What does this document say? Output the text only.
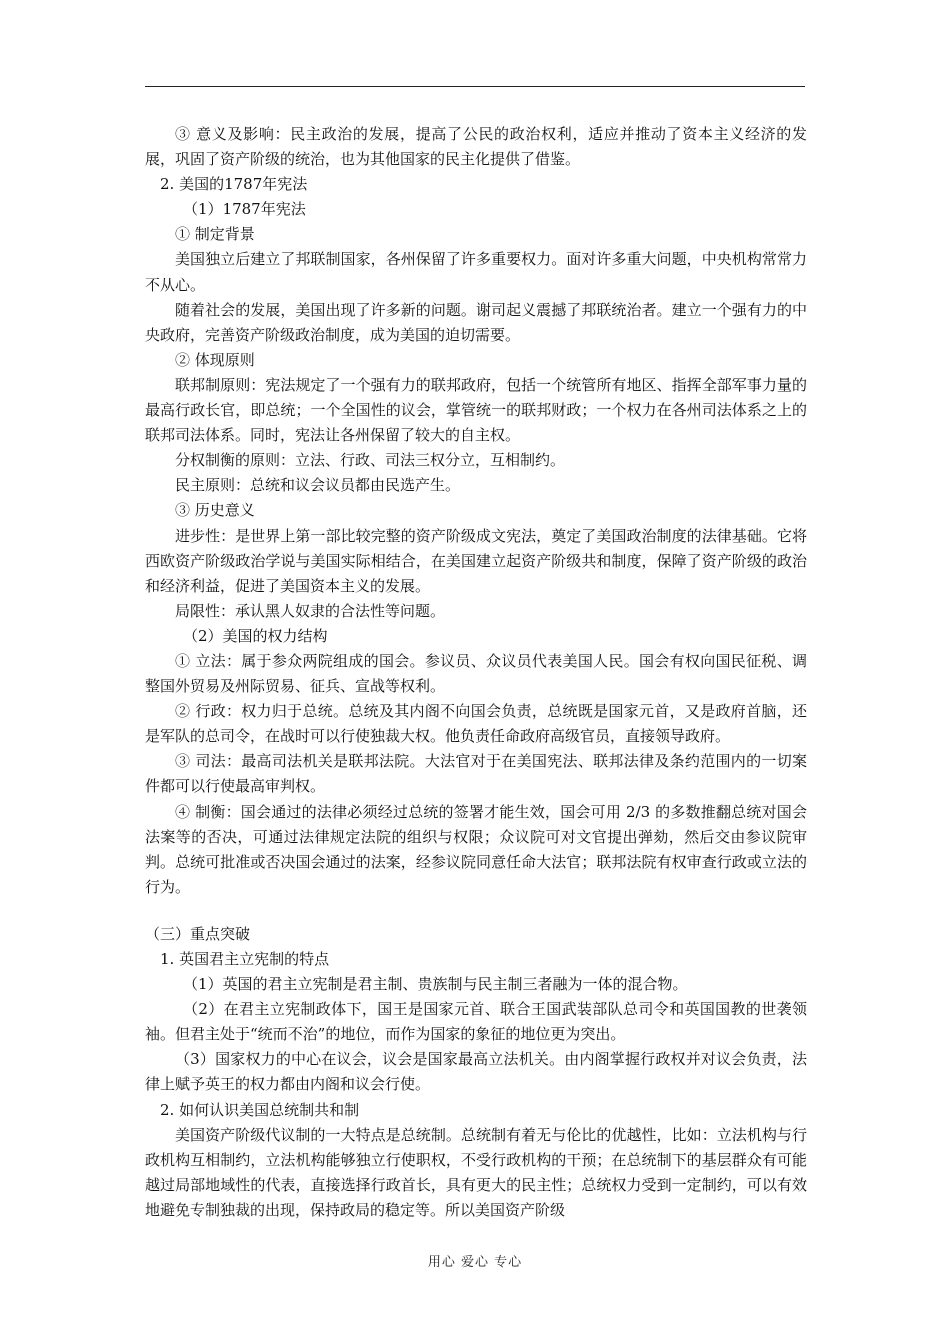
③ 意义及影响：民主政治的发展，提高了公民的政治权利，适应并推动了资本主义经济的发展，巩固了资产阶级的统治，也为其他国家的民主化提供了借鉴。

2. 美国的1787年宪法

（1）1787年宪法

① 制定背景

美国独立后建立了邦联制国家，各州保留了许多重要权力。面对许多重大问题，中央机构常常力不从心。

随着社会的发展，美国出现了许多新的问题。谢司起义震撼了邦联统治者。建立一个强有力的中央政府，完善资产阶级政治制度，成为美国的迫切需要。

② 体现原则

联邦制原则：宪法规定了一个强有力的联邦政府，包括一个统管所有地区、指挥全部军事力量的最高行政长官，即总统；一个全国性的议会，掌管统一的联邦财政；一个权力在各州司法体系之上的联邦司法体系。同时，宪法让各州保留了较大的自主权。

分权制衡的原则：立法、行政、司法三权分立，互相制约。

民主原则：总统和议会议员都由民选产生。

③ 历史意义

进步性：是世界上第一部比较完整的资产阶级成文宪法，奠定了美国政治制度的法律基础。它将西欧资产阶级政治学说与美国实际相结合，在美国建立起资产阶级共和制度，保障了资产阶级的政治和经济利益，促进了美国资本主义的发展。

局限性：承认黑人奴隶的合法性等问题。

（2）美国的权力结构

① 立法：属于参众两院组成的国会。参议员、众议员代表美国人民。国会有权向国民征税、调整国外贸易及州际贸易、征兵、宣战等权利。

② 行政：权力归于总统。总统及其内阁不向国会负责，总统既是国家元首，又是政府首脑，还是军队的总司令，在战时可以行使独裁大权。他负责任命政府高级官员，直接领导政府。

③ 司法：最高司法机关是联邦法院。大法官对于在美国宪法、联邦法律及条约范围内的一切案件都可以行使最高审判权。

④ 制衡：国会通过的法律必须经过总统的签署才能生效，国会可用 2/3 的多数推翻总统对国会法案等的否决，可通过法律规定法院的组织与权限；众议院可对文官提出弹劾，然后交由参议院审判。总统可批准或否决国会通过的法案，经参议院同意任命大法官；联邦法院有权审查行政或立法的行为。

（三）重点突破

1. 英国君主立宪制的特点

（1）英国的君主立宪制是君主制、贵族制与民主制三者融为一体的混合物。

（2）在君主立宪制政体下，国王是国家元首、联合王国武装部队总司令和英国国教的世袭领袖。但君主处于“统而不治”的地位，而作为国家的象征的地位更为突出。

（3）国家权力的中心在议会，议会是国家最高立法机关。由内阁掌握行政权并对议会负责，法律上赋予英王的权力都由内阁和议会行使。

2. 如何认识美国总统制共和制

美国资产阶级代议制的一大特点是总统制。总统制有着无与伦比的优越性，比如：立法机构与行政机构互相制约，立法机构能够独立行使职权，不受行政机构的干预；在总统制下的基层群众有可能越过局部地域性的代表，直接选择行政首长，具有更大的民主性；总统权力受到一定制约，可以有效地避免专制独裁的出现，保持政局的稳定等。所以美国资产阶级

用心 爱心 专心
